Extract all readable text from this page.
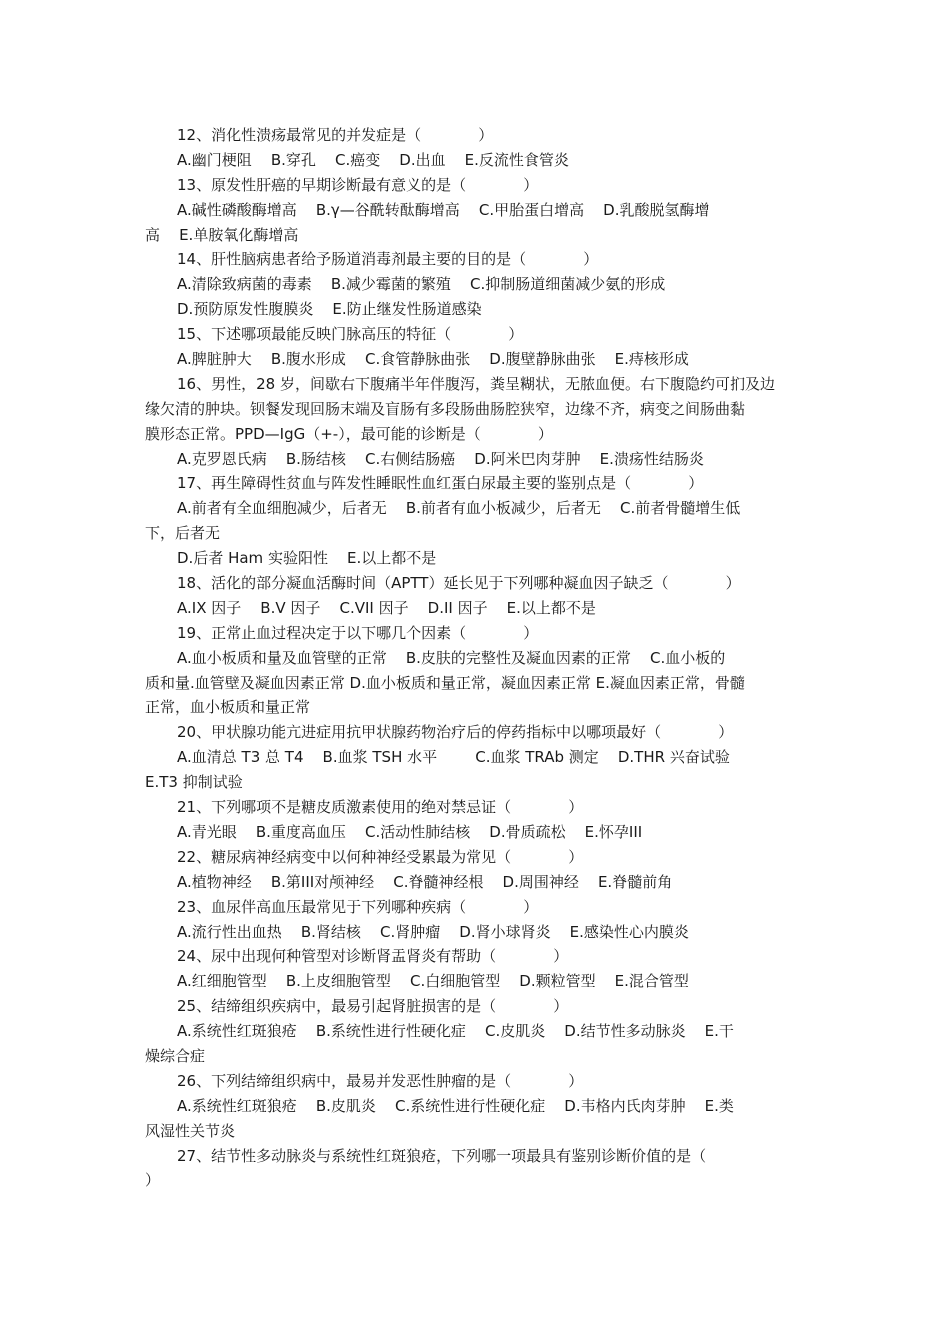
12、消化性溃疡最常见的并发症是（            ）
A.幽门梗阻    B.穿孔    C.癌变    D.出血    E.反流性食管炎
13、原发性肝癌的早期诊断最有意义的是（            ）
A.碱性磷酸酶增高    B.γ—谷酰转酞酶增高    C.甲胎蛋白增高    D.乳酸脱氢酶增
高    E.单胺氧化酶增高
14、肝性脑病患者给予肠道消毒剂最主要的目的是（            ）
A.清除致病菌的毒素    B.减少霉菌的繁殖    C.抑制肠道细菌减少氨的形成
D.预防原发性腹膜炎    E.防止继发性肠道感染
15、下述哪项最能反映门脉高压的特征（            ）
A.脾脏肿大    B.腹水形成    C.食管静脉曲张    D.腹壁静脉曲张    E.痔核形成
16、男性，28 岁，间歇右下腹痛半年伴腹泻，粪呈糊状，无脓血便。右下腹隐约可扪及边
缘欠清的肿块。钡餐发现回肠末端及盲肠有多段肠曲肠腔狭窄，边缘不齐，病变之间肠曲黏
膜形态正常。PPD—IgG（+-），最可能的诊断是（            ）
A.克罗恩氏病    B.肠结核    C.右侧结肠癌    D.阿米巴肉芽肿    E.溃疡性结肠炎
17、再生障碍性贫血与阵发性睡眠性血红蛋白尿最主要的鉴别点是（            ）
A.前者有全血细胞减少，后者无    B.前者有血小板减少，后者无    C.前者骨髓增生低
下，后者无
D.后者 Ham 实验阳性    E.以上都不是
18、活化的部分凝血活酶时间（APTT）延长见于下列哪种凝血因子缺乏（            ）
A.IX 因子    B.V 因子    C.VII 因子    D.II 因子    E.以上都不是
19、正常止血过程决定于以下哪几个因素（            ）
A.血小板质和量及血管壁的正常    B.皮肤的完整性及凝血因素的正常    C.血小板的
质和量.血管壁及凝血因素正常 D.血小板质和量正常，凝血因素正常 E.凝血因素正常，骨髓
正常，血小板质和量正常
20、甲状腺功能亢进症用抗甲状腺药物治疗后的停药指标中以哪项最好（            ）
A.血清总 T3 总 T4    B.血浆 TSH 水平        C.血浆 TRAb 测定    D.THR 兴奋试验
E.T3 抑制试验
21、下列哪项不是糖皮质激素使用的绝对禁忌证（            ）
A.青光眼    B.重度高血压    C.活动性肺结核    D.骨质疏松    E.怀孕III
22、糖尿病神经病变中以何种神经受累最为常见（            ）
A.植物神经    B.第III对颅神经    C.脊髓神经根    D.周围神经    E.脊髓前角
23、血尿伴高血压最常见于下列哪种疾病（            ）
A.流行性出血热    B.肾结核    C.肾肿瘤    D.肾小球肾炎    E.感染性心内膜炎
24、尿中出现何种管型对诊断肾盂肾炎有帮助（            ）
A.红细胞管型    B.上皮细胞管型    C.白细胞管型    D.颗粒管型    E.混合管型
25、结缔组织疾病中，最易引起肾脏损害的是（            ）
A.系统性红斑狼疮    B.系统性进行性硬化症    C.皮肌炎    D.结节性多动脉炎    E.干
燥综合症
26、下列结缔组织病中，最易并发恶性肿瘤的是（            ）
A.系统性红斑狼疮    B.皮肌炎    C.系统性进行性硬化症    D.韦格内氏肉芽肿    E.类
风湿性关节炎
27、结节性多动脉炎与系统性红斑狼疮，下列哪一项最具有鉴别诊断价值的是（
）
